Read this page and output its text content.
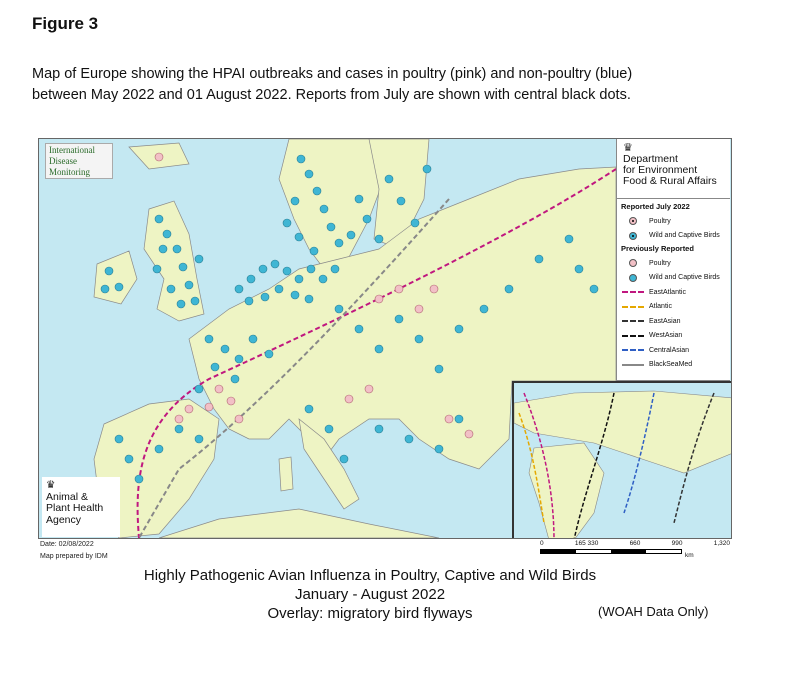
Figure 3
Map of Europe showing the HPAI outbreaks and cases in poultry (pink) and non-poultry (blue)
between May 2022 and 01 August 2022. Reports from July are shown with central black dots.
International
Disease
Monitoring
♛
Department
for Environment
Food & Rural Affairs
Reported July 2022
Poultry
Wild and Captive Birds
Previously Reported
Poultry
Wild and Captive Birds
EastAtlantic
Atlantic
EastAsian
WestAsian
CentralAsian
BlackSeaMed
♛
Animal &
Plant Health
Agency
Date: 02/08/2022
Map prepared by IDM
0	165 330	660	990	1,320
km
Highly Pathogenic Avian Influenza in Poultry, Captive and Wild Birds
January - August 2022
Overlay: migratory bird flyways	(WOAH Data Only)
